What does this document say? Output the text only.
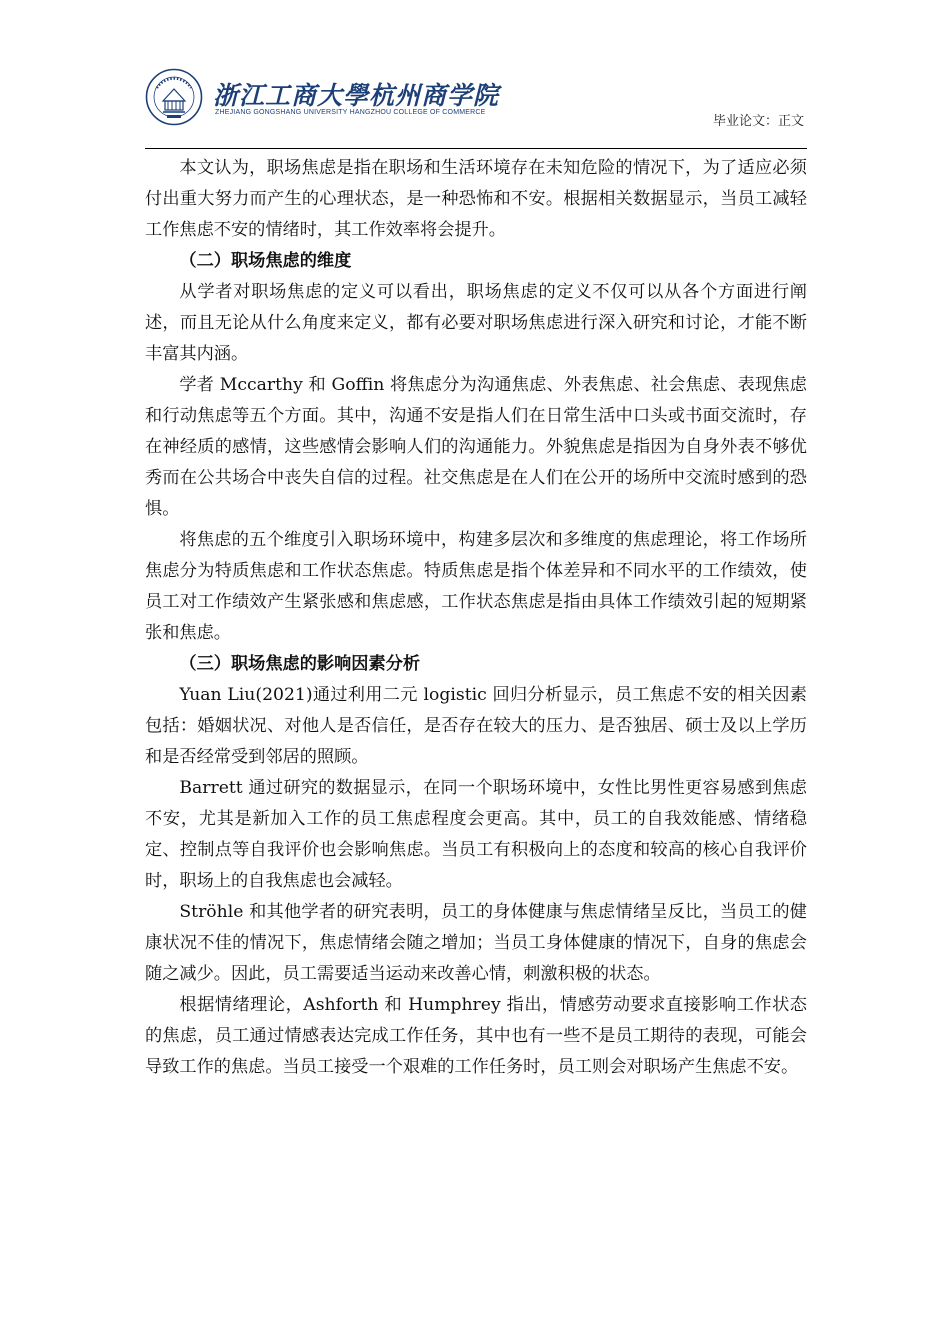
浙江工商大學杭州商学院
ZHEJIANG GONGSHANG UNIVERSITY HANGZHOU COLLEGE OF COMMERCE
毕业论文：正文

本文认为，职场焦虑是指在职场和生活环境存在未知危险的情况下，为了适应必须付出重大努力而产生的心理状态，是一种恐怖和不安。根据相关数据显示，当员工减轻工作焦虑不安的情绪时，其工作效率将会提升。

（二）职场焦虑的维度

从学者对职场焦虑的定义可以看出，职场焦虑的定义不仅可以从各个方面进行阐述，而且无论从什么角度来定义，都有必要对职场焦虑进行深入研究和讨论，才能不断丰富其内涵。

学者 Mccarthy 和 Goffin 将焦虑分为沟通焦虑、外表焦虑、社会焦虑、表现焦虑和行动焦虑等五个方面。其中，沟通不安是指人们在日常生活中口头或书面交流时，存在神经质的感情，这些感情会影响人们的沟通能力。外貌焦虑是指因为自身外表不够优秀而在公共场合中丧失自信的过程。社交焦虑是在人们在公开的场所中交流时感到的恐惧。

将焦虑的五个维度引入职场环境中，构建多层次和多维度的焦虑理论，将工作场所焦虑分为特质焦虑和工作状态焦虑。特质焦虑是指个体差异和不同水平的工作绩效，使员工对工作绩效产生紧张感和焦虑感，工作状态焦虑是指由具体工作绩效引起的短期紧张和焦虑。

（三）职场焦虑的影响因素分析

Yuan Liu(2021)通过利用二元 logistic 回归分析显示，员工焦虑不安的相关因素包括：婚姻状况、对他人是否信任，是否存在较大的压力、是否独居、硕士及以上学历和是否经常受到邻居的照顾。

Barrett 通过研究的数据显示，在同一个职场环境中，女性比男性更容易感到焦虑不安，尤其是新加入工作的员工焦虑程度会更高。其中，员工的自我效能感、情绪稳定、控制点等自我评价也会影响焦虑。当员工有积极向上的态度和较高的核心自我评价时，职场上的自我焦虑也会减轻。

Ströhle 和其他学者的研究表明，员工的身体健康与焦虑情绪呈反比，当员工的健康状况不佳的情况下，焦虑情绪会随之增加；当员工身体健康的情况下，自身的焦虑会随之减少。因此，员工需要适当运动来改善心情，刺激积极的状态。

根据情绪理论，Ashforth 和 Humphrey 指出，情感劳动要求直接影响工作状态的焦虑，员工通过情感表达完成工作任务，其中也有一些不是员工期待的表现，可能会导致工作的焦虑。当员工接受一个艰难的工作任务时，员工则会对职场产生焦虑不安。
